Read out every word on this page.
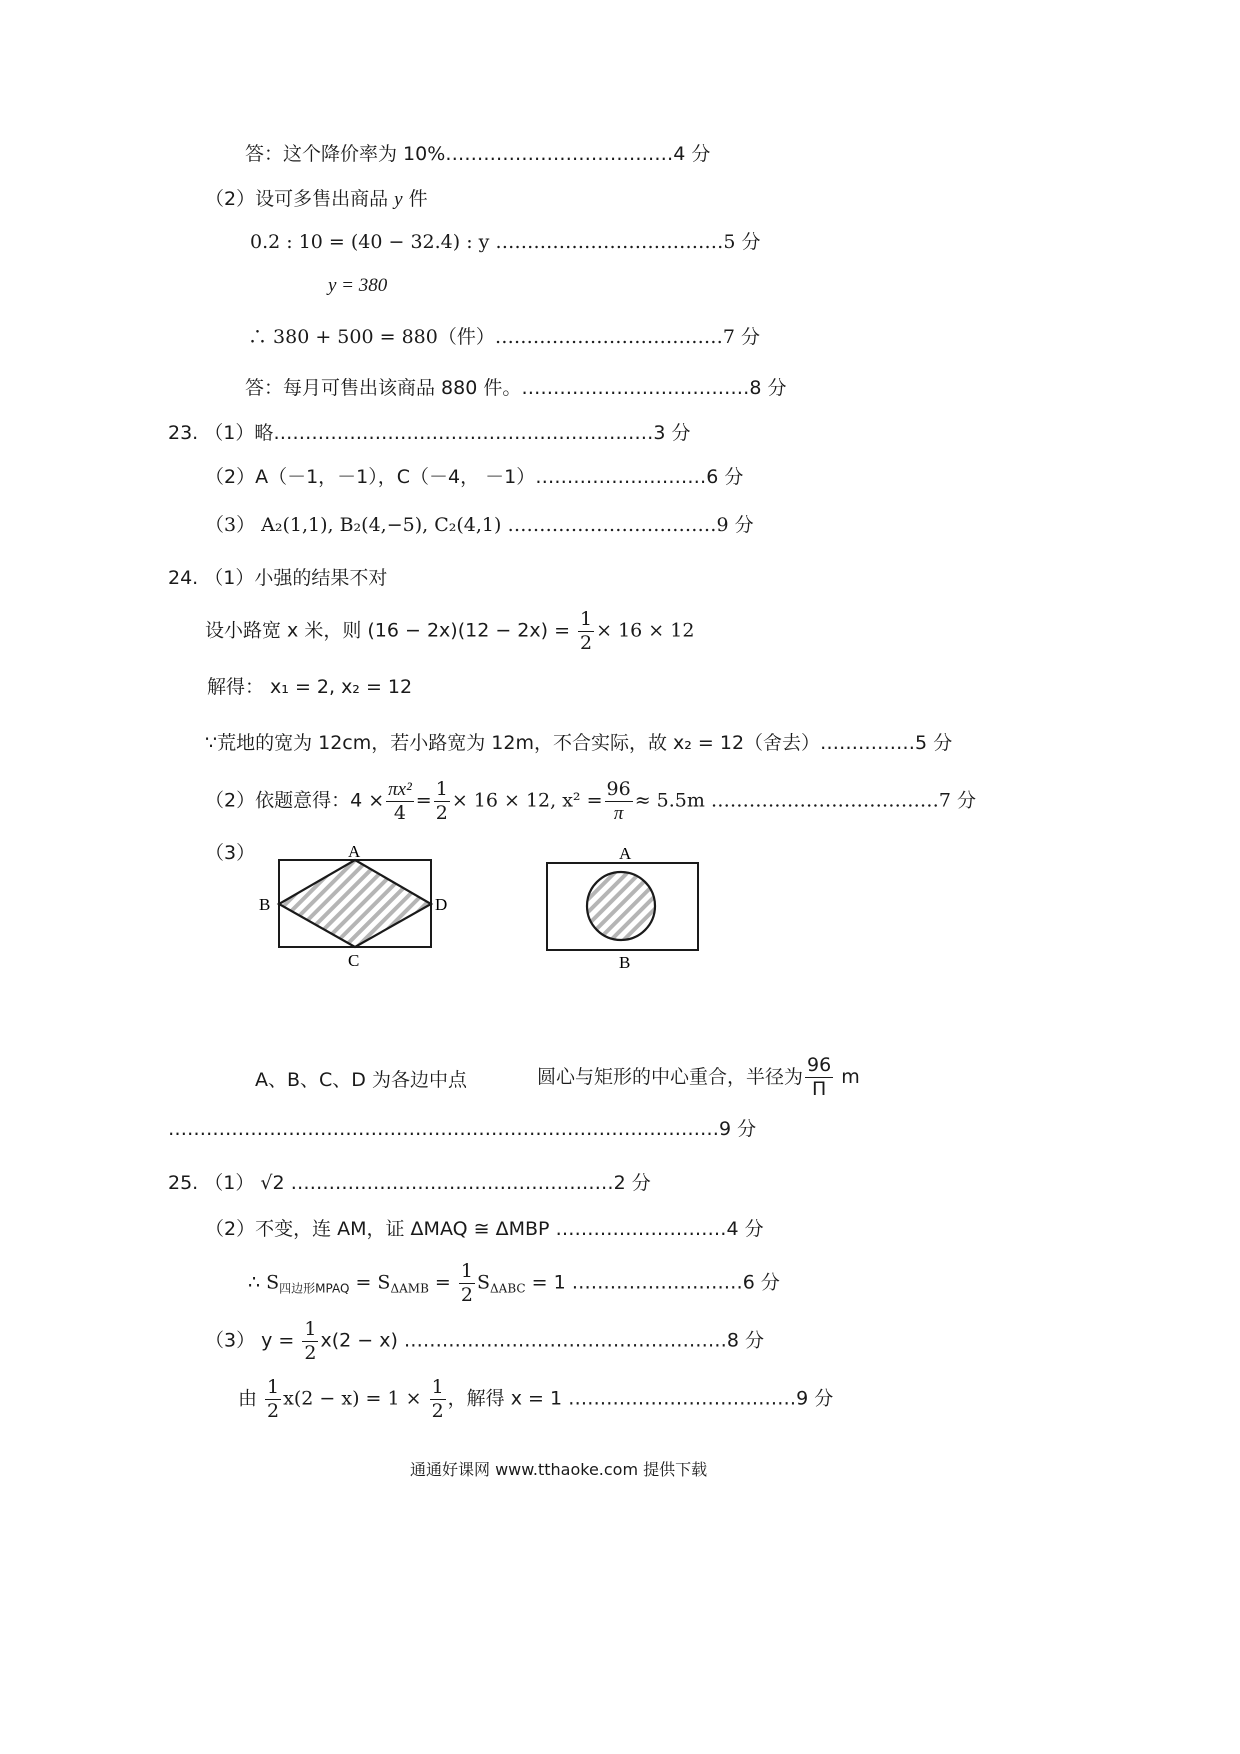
答：这个降价率为 10%………………………………4 分
（2）设可多售出商品 y 件
0.2 : 10 = (40 − 32.4) : y ………………………………5 分
y = 380
∴ 380 + 500 = 880（件）………………………………7 分
答：每月可售出该商品 880 件。………………………………8 分
23. （1）略……………………………………………………3 分
（2）A（－1，－1），C（－4， －1）………………………6 分
（3） A₂(1,1), B₂(4,−5), C₂(4,1) ……………………………9 分
24. （1）小强的结果不对
设小路宽 x 米，则 $(16 - 2x)(12 - 2x) = \frac{1}{2} \times 16 \times 12$
解得： x₁ = 2, x₂ = 12
∵荒地的宽为 12cm，若小路宽为 12m，不合实际，故 x₂ = 12（舍去）……………5 分
（2）依题意得：$4 \times \frac{\text{πx²}}{4} = \frac{1}{2} \times 16 \times 12$, $x^2 = \frac{96}{\pi} \approx 5.5m$ ………………………………7 分
（3）	A
B
C
D
A
B
A、B、C、D 为各边中点	圆心与矩形的中心重合，半径为 $\frac{96}{\Pi}$ m
……………………………………………………………………………9 分
25. （1） √2 ……………………………………………2 分
（2）不变，连 AM，证 ΔMAQ ≅ ΔMBP ………………………4 分
∴ $S_{四边形MPAQ} = S_{\Delta AMB} = \frac{1}{2} S_{\Delta ABC} = 1$ ………………………6 分
（3） $y = \frac{1}{2} x(2 - x)$ ……………………………………………8 分
由 $\frac{1}{2} x(2 - x) = 1 \times \frac{1}{2}$ ，解得 x = 1 ………………………………9 分
通通好课网 www.tthaoke.com 提供下载
